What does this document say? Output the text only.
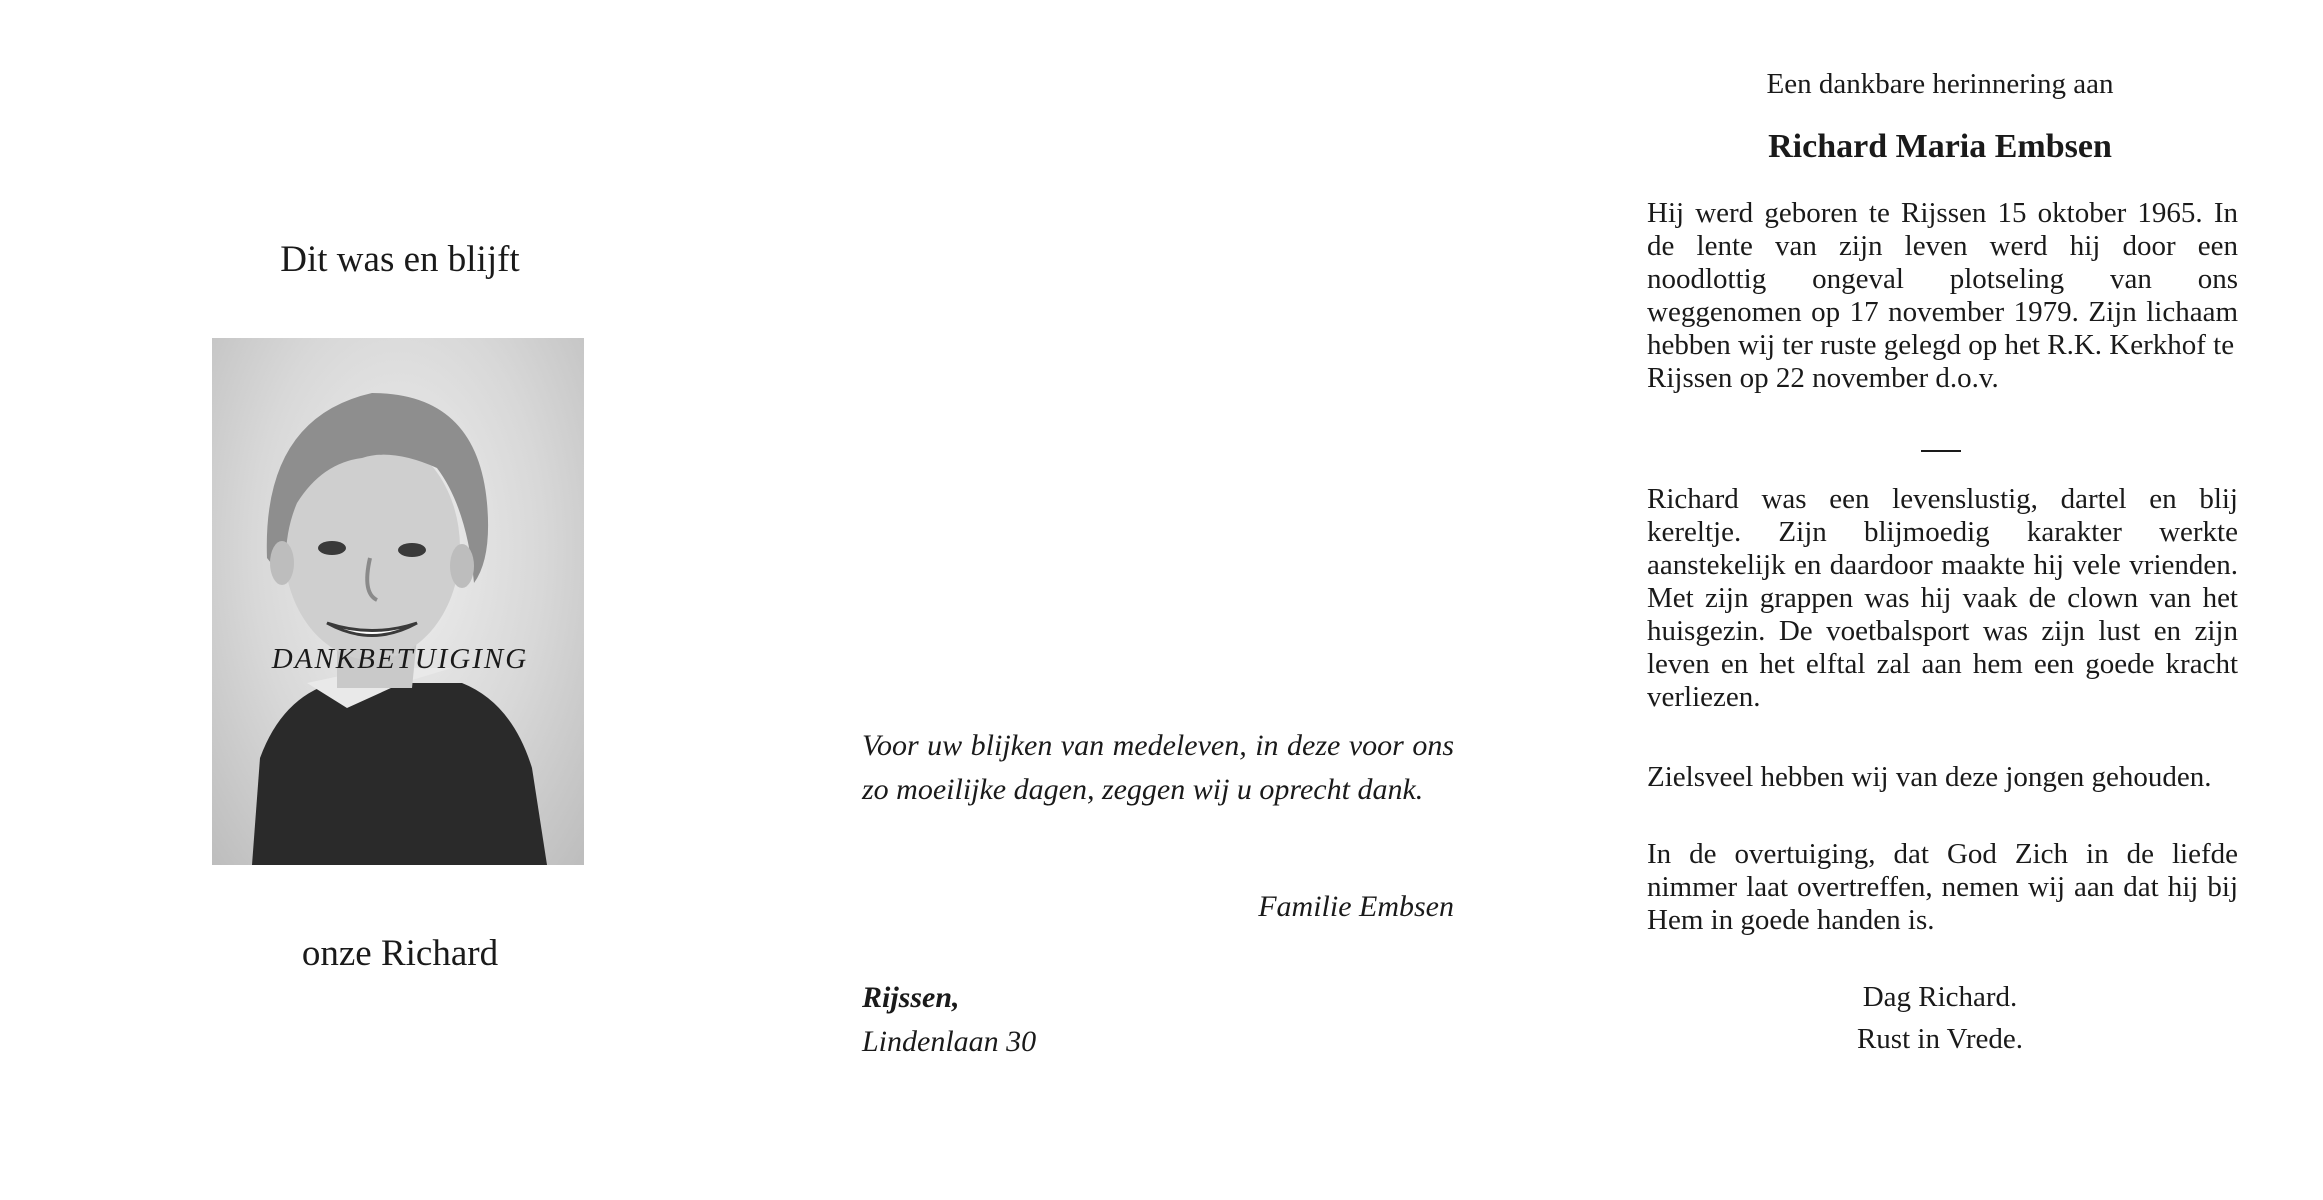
Dit was en blijft
onze Richard
DANKBETUIGING

Voor uw blijken van medeleven, in deze voor ons zo moeilijke dagen, zeggen wij u oprecht dank.

Familie Embsen
Rijssen,
Lindenlaan 30
Een dankbare herinnering aan
Richard Maria Embsen

Hij werd geboren te Rijssen 15 oktober 1965. In de lente van zijn leven werd hij door een noodlottig ongeval plotseling van ons weggenomen op 17 november 1979. Zijn lichaam hebben wij ter ruste gelegd op het R.K. Kerkhof te
Rijssen op 22 november d.o.v.

Richard was een levenslustig, dartel en blij kereltje. Zijn blijmoedig karakter werkte aanstekelijk en daardoor maakte hij vele vrienden. Met zijn grappen was hij vaak de clown van het huisgezin. De voetbalsport was zijn lust en zijn leven en het elftal zal aan hem een goede kracht verliezen.

Zielsveel hebben wij van deze jongen gehouden.

In de overtuiging, dat God Zich in de liefde nimmer laat overtreffen, nemen wij aan dat hij bij Hem in goede handen is.

Dag Richard.
Rust in Vrede.
